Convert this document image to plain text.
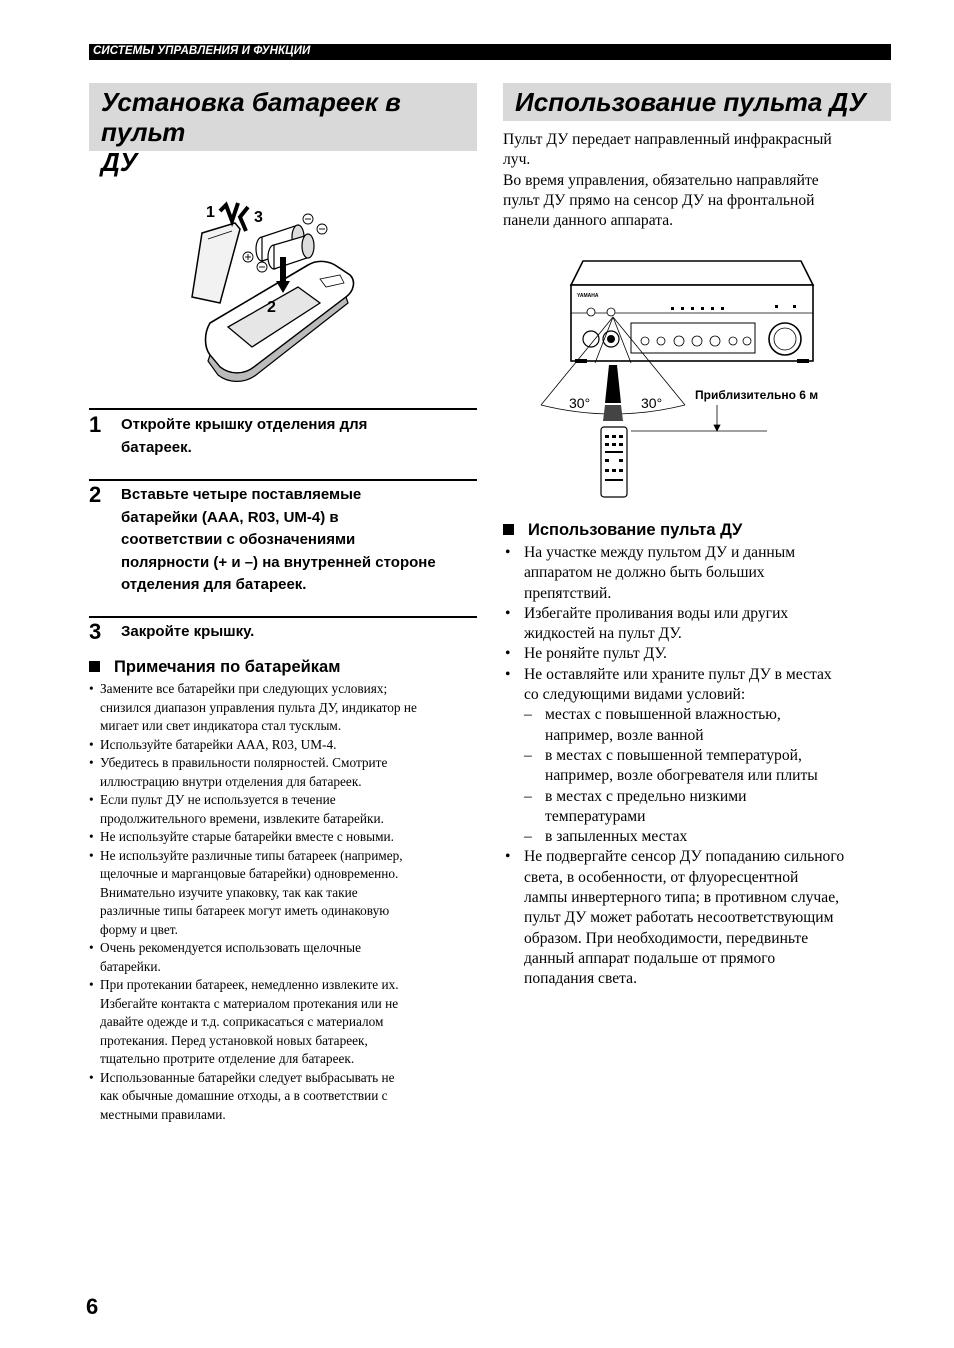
СИСТЕМЫ УПРАВЛЕНИЯ И ФУНКЦИИ
Установка батареек в пульт
ДУ
Использование пульта ДУ
1 3
2
1 Откройте крышку отделения для
батареек.
2 Вставьте четыре поставляемые
батарейки (AAA, R03, UM-4) в
соответствии с обозначениями
полярности (+ и –) на внутренней стороне
отделения для батареек.
3 Закройте крышку.
Примечания по батарейкам
• Замените все батарейки при следующих условиях;
снизился диапазон управления пульта ДУ, индикатор не
мигает или свет индикатора стал тусклым.
• Используйте батарейки AAA, R03, UM-4.
• Убедитесь в правильности полярностей. Смотрите
иллюстрацию внутри отделения для батареек.
• Если пульт ДУ не используется в течение
продолжительного времени, извлеките батарейки.
• Не используйте старые батарейки вместе с новыми.
• Не используйте различные типы батареек (например,
щелочные и марганцовые батарейки) одновременно.
Внимательно изучите упаковку, так как такие
различные типы батареек могут иметь одинаковую
форму и цвет.
• Очень рекомендуется использовать щелочные
батарейки.
• При протекании батареек, немедленно извлеките их.
Избегайте контакта с материалом протекания или не
давайте одежде и т.д. соприкасаться с материалом
протекания. Перед установкой новых батареек,
тщательно протрите отделение для батареек.
• Использованные батарейки следует выбрасывать не
как обычные домашние отходы, а в соответствии с
местными правилами.
Пульт ДУ передает направленный инфракрасный
луч.
Во время управления, обязательно направляйте
пульт ДУ прямо на сенсор ДУ на фронтальной
панели данного аппарата.
YAMAHA
30°	30°	Приблизительно 6 м
Использование пульта ДУ
• На участке между пультом ДУ и данным
аппаратом не должно быть больших
препятствий.
• Избегайте проливания воды или других
жидкостей на пульт ДУ.
• Не роняйте пульт ДУ.
• Не оставляйте или храните пульт ДУ в местах
со следующими видами условий:
– местах с повышенной влажностью,
например, возле ванной
– в местах с повышенной температурой,
например, возле обогревателя или плиты
– в местах с предельно низкими
температурами
– в запыленных местах
• Не подвергайте сенсор ДУ попаданию сильного
света, в особенности, от флуоресцентной
лампы инвертерного типа; в противном случае,
пульт ДУ может работать несоответствующим
образом. При необходимости, передвиньте
данный аппарат подальше от прямого
попадания света.
6
